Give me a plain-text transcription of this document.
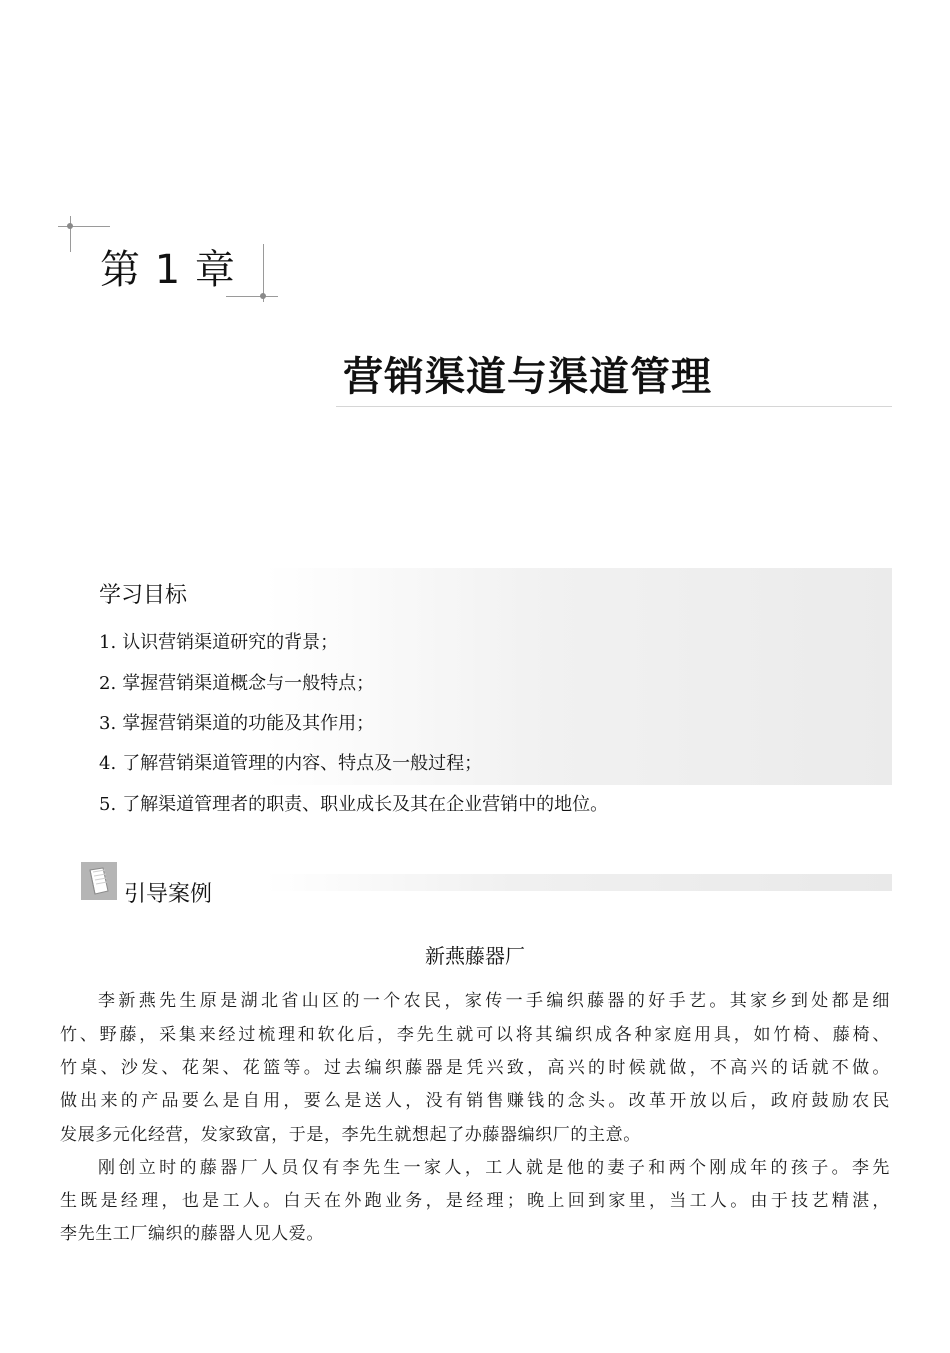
第 1 章
营销渠道与渠道管理
学习目标
1. 认识营销渠道研究的背景；
2. 掌握营销渠道概念与一般特点；
3. 掌握营销渠道的功能及其作用；
4. 了解营销渠道管理的内容、特点及一般过程；
5. 了解渠道管理者的职责、职业成长及其在企业营销中的地位。
引导案例
新燕藤器厂
李新燕先生原是湖北省山区的一个农民，家传一手编织藤器的好手艺。其家乡到处都是细
竹、野藤，采集来经过梳理和软化后，李先生就可以将其编织成各种家庭用具，如竹椅、藤椅、
竹桌、沙发、花架、花篮等。过去编织藤器是凭兴致，高兴的时候就做，不高兴的话就不做。
做出来的产品要么是自用，要么是送人，没有销售赚钱的念头。改革开放以后，政府鼓励农民
发展多元化经营，发家致富，于是，李先生就想起了办藤器编织厂的主意。
刚创立时的藤器厂人员仅有李先生一家人，工人就是他的妻子和两个刚成年的孩子。李先
生既是经理，也是工人。白天在外跑业务，是经理；晚上回到家里，当工人。由于技艺精湛，
李先生工厂编织的藤器人见人爱。
